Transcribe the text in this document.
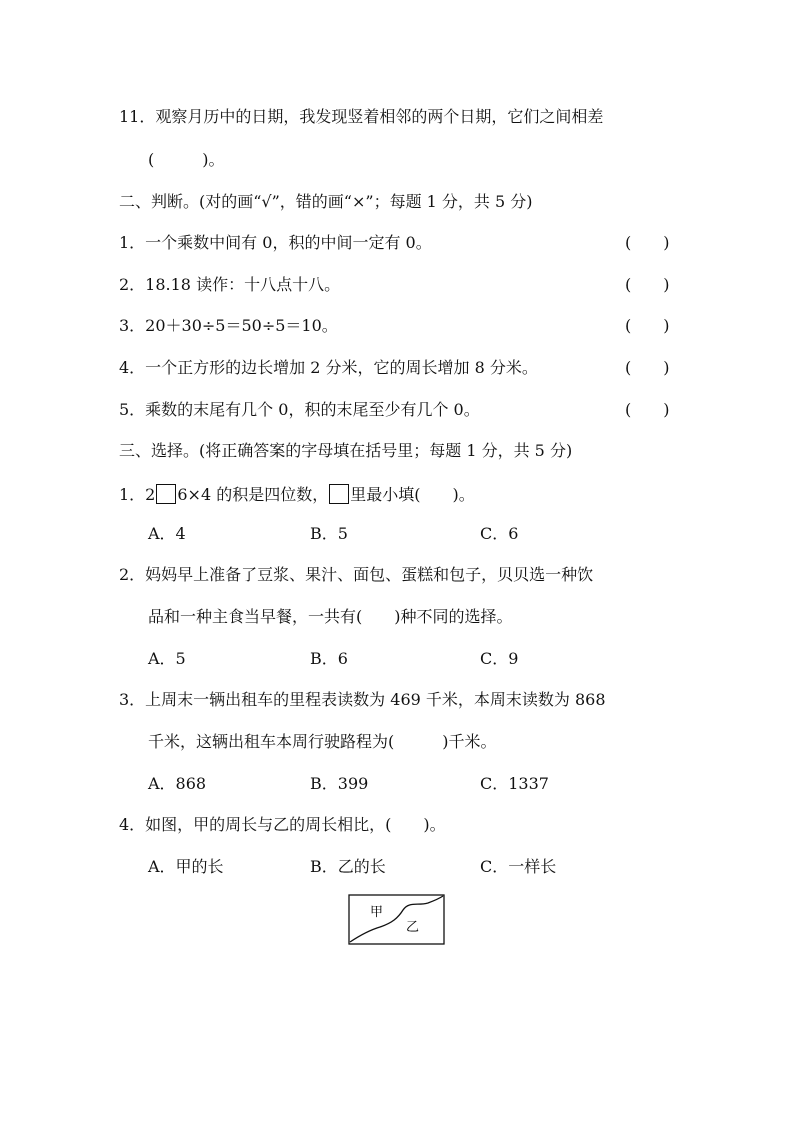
11．观察月历中的日期，我发现竖着相邻的两个日期，它们之间相差
(　　　)。
二、判断。(对的画“√”，错的画“×”；每题 1 分，共 5 分)
1．一个乘数中间有 0，积的中间一定有 0。	(　　)
2．18.18 读作：十八点十八。	(　　)
3．20＋30÷5＝50÷5＝10。	(　　)
4．一个正方形的边长增加 2 分米，它的周长增加 8 分米。	(　　)
5．乘数的末尾有几个 0，积的末尾至少有几个 0。	(　　)
三、选择。(将正确答案的字母填在括号里；每题 1 分，共 5 分)
1．2 6×4 的积是四位数， 里最小填(　　)。
A．4	B．5	C．6
2．妈妈早上准备了豆浆、果汁、面包、蛋糕和包子，贝贝选一种饮
品和一种主食当早餐，一共有(　　)种不同的选择。
A．5	B．6	C．9
3．上周末一辆出租车的里程表读数为 469 千米，本周末读数为 868
千米，这辆出租车本周行驶路程为(　　　)千米。
A．868	B．399	C．1337
4．如图，甲的周长与乙的周长相比，(　　)。
A．甲的长	B．乙的长	C．一样长
甲
乙
